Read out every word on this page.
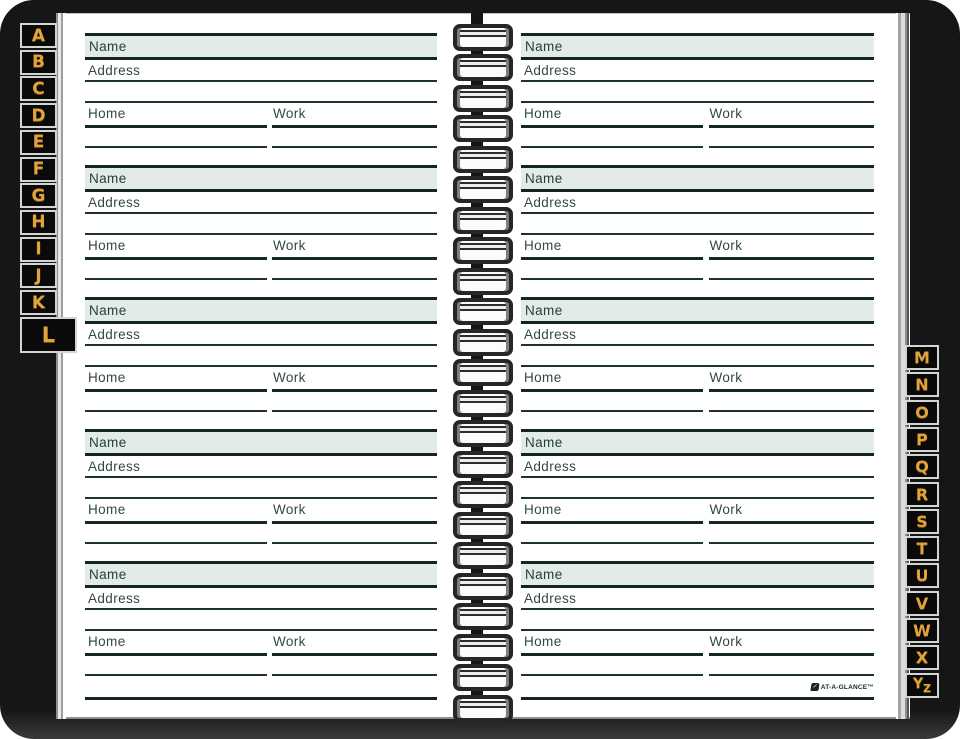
Name
Address
Home	Work
Name
Address
Home	Work
Name
Address
Home	Work
Name
Address
Home	Work
Name
Address
Home	Work
Name
Address
Home	Work
Name
Address
Home	Work
Name
Address
Home	Work
Name
Address
Home	Work
Name
Address
Home	Work
✓ AT-A-GLANCE™
A
B
C
D
E
F
G
H
I
J
K
L
M
N
O
P
Q
R
S
T
U
V
W
X
Y Z
